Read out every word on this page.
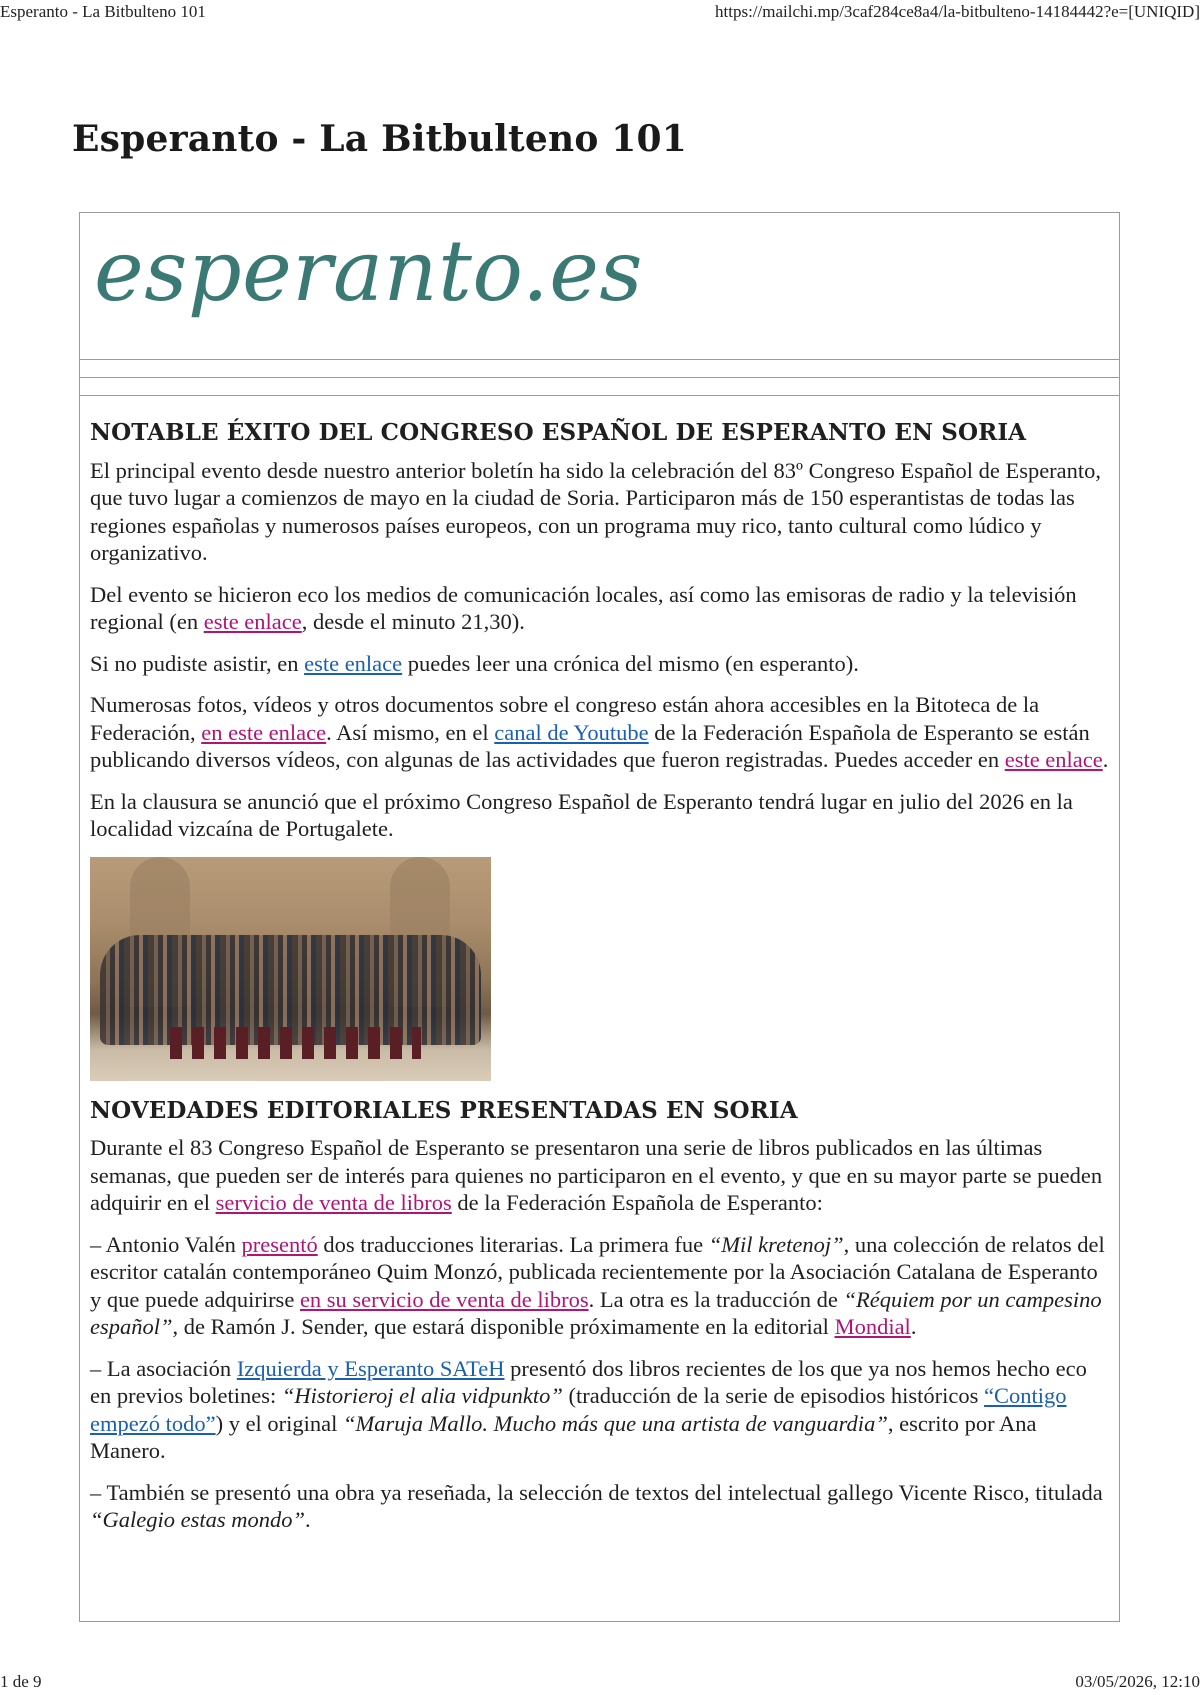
Esperanto - La Bitbulteno 101	https://mailchi.mp/3caf284ce8a4/la-bitbulteno-14184442?e=[UNIQID]
Esperanto - La Bitbulteno 101
esperanto.es
NOTABLE ÉXITO DEL CONGRESO ESPAÑOL DE ESPERANTO EN SORIA

El principal evento desde nuestro anterior boletín ha sido la celebración del 83º Congreso Español de Esperanto, que tuvo lugar a comienzos de mayo en la ciudad de Soria. Participaron más de 150 esperantistas de todas las regiones españolas y numerosos países europeos, con un programa muy rico, tanto cultural como lúdico y organizativo.

Del evento se hicieron eco los medios de comunicación locales, así como las emisoras de radio y la televisión regional (en este enlace, desde el minuto 21,30).

Si no pudiste asistir, en este enlace puedes leer una crónica del mismo (en esperanto).

Numerosas fotos, vídeos y otros documentos sobre el congreso están ahora accesibles en la Bitoteca de la Federación, en este enlace. Así mismo, en el canal de Youtube de la Federación Española de Esperanto se están publicando diversos vídeos, con algunas de las actividades que fueron registradas. Puedes acceder en este enlace.

En la clausura se anunció que el próximo Congreso Español de Esperanto tendrá lugar en julio del 2026 en la localidad vizcaína de Portugalete.

NOVEDADES EDITORIALES PRESENTADAS EN SORIA

Durante el 83 Congreso Español de Esperanto se presentaron una serie de libros publicados en las últimas semanas, que pueden ser de interés para quienes no participaron en el evento, y que en su mayor parte se pueden adquirir en el servicio de venta de libros de la Federación Española de Esperanto:

– Antonio Valén presentó dos traducciones literarias. La primera fue “Mil kretenoj”, una colección de relatos del escritor catalán contemporáneo Quim Monzó, publicada recientemente por la Asociación Catalana de Esperanto y que puede adquirirse en su servicio de venta de libros. La otra es la traducción de “Réquiem por un campesino español”, de Ramón J. Sender, que estará disponible próximamente en la editorial Mondial.

– La asociación Izquierda y Esperanto SATeH presentó dos libros recientes de los que ya nos hemos hecho eco en previos boletines: “Historieroj el alia vidpunkto” (traducción de la serie de episodios históricos “Contigo empezó todo”) y el original “Maruja Mallo. Mucho más que una artista de vanguardia”, escrito por Ana Manero.

– También se presentó una obra ya reseñada, la selección de textos del intelectual gallego Vicente Risco, titulada “Galegio estas mondo”.

1 de 9	03/05/2026, 12:10
